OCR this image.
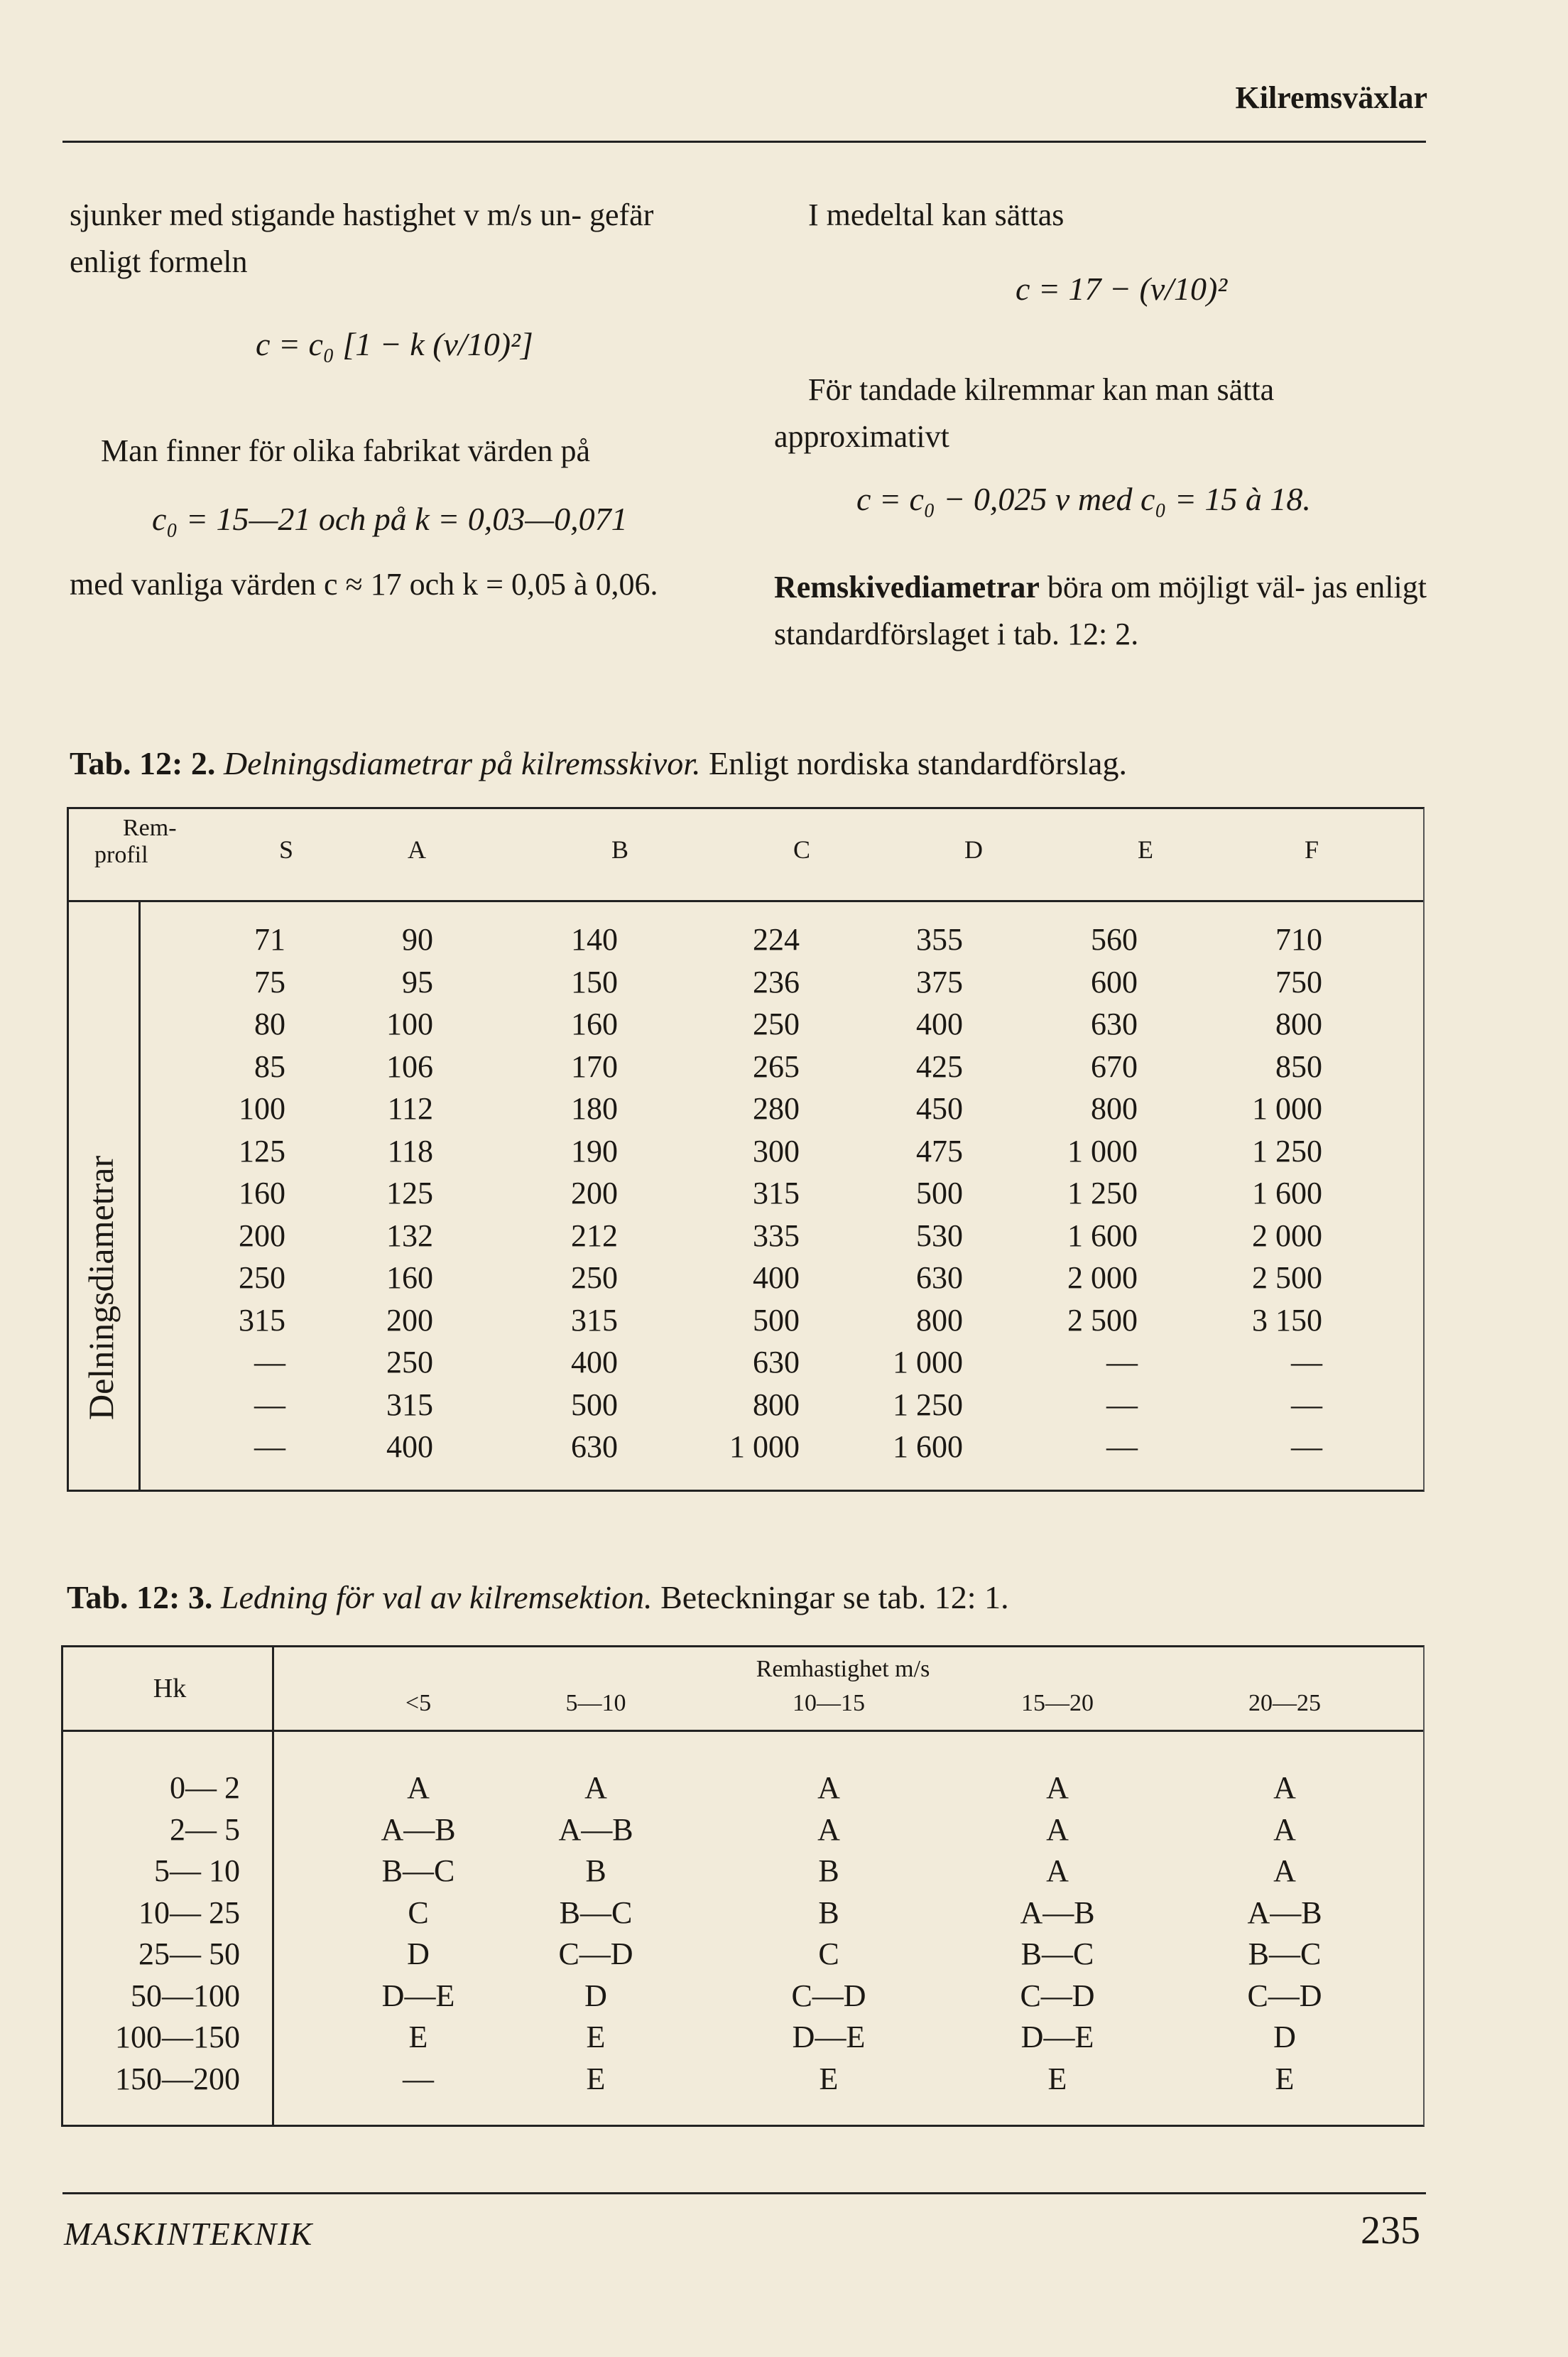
Kilremsväxlar
sjunker med stigande hastighet v m/s un- gefär enligt formeln
c = c₀ [1 − k (v/10)²]
Man finner för olika fabrikat värden på
c₀ = 15—21 och på k = 0,03—0,071
med vanliga värden c ≈ 17 och k = 0,05 à 0,06.
I medeltal kan sättas
c = 17 − (v/10)²
För tandade kilremmar kan man sätta approximativt
c = c₀ − 0,025 v med c₀ = 15 à 18.
Remskivediametrar böra om möjligt väl- jas enligt standardförslaget i tab. 12: 2.
Tab. 12: 2. Delningsdiametrar på kilremsskivor. Enligt nordiska standardförslag.
Rem-
profil	S	A	B	C	D	E	F
Delningsdiametrar
71	90	140	224	355	560	710
75	95	150	236	375	600	750
80	100	160	250	400	630	800
85	106	170	265	425	670	850
100	112	180	280	450	800	1 000
125	118	190	300	475	1 000	1 250
160	125	200	315	500	1 250	1 600
200	132	212	335	530	1 600	2 000
250	160	250	400	630	2 000	2 500
315	200	315	500	800	2 500	3 150
—	250	400	630	1 000	—	—
—	315	500	800	1 250	—	—
—	400	630	1 000	1 600	—	—
Tab. 12: 3. Ledning för val av kilremsektion. Beteckningar se tab. 12: 1.
Hk
Remhastighet m/s
<5	5—10	10—15	15—20	20—25
0— 2	A	A	A	A	A
2— 5	A—B	A—B	A	A	A
5— 10	B—C	B	B	A	A
10— 25	C	B—C	B	A—B	A—B
25— 50	D	C—D	C	B—C	B—C
50—100	D—E	D	C—D	C—D	C—D
100—150	E	E	D—E	D—E	D
150—200	—	E	E	E	E
MASKINTEKNIK	235
